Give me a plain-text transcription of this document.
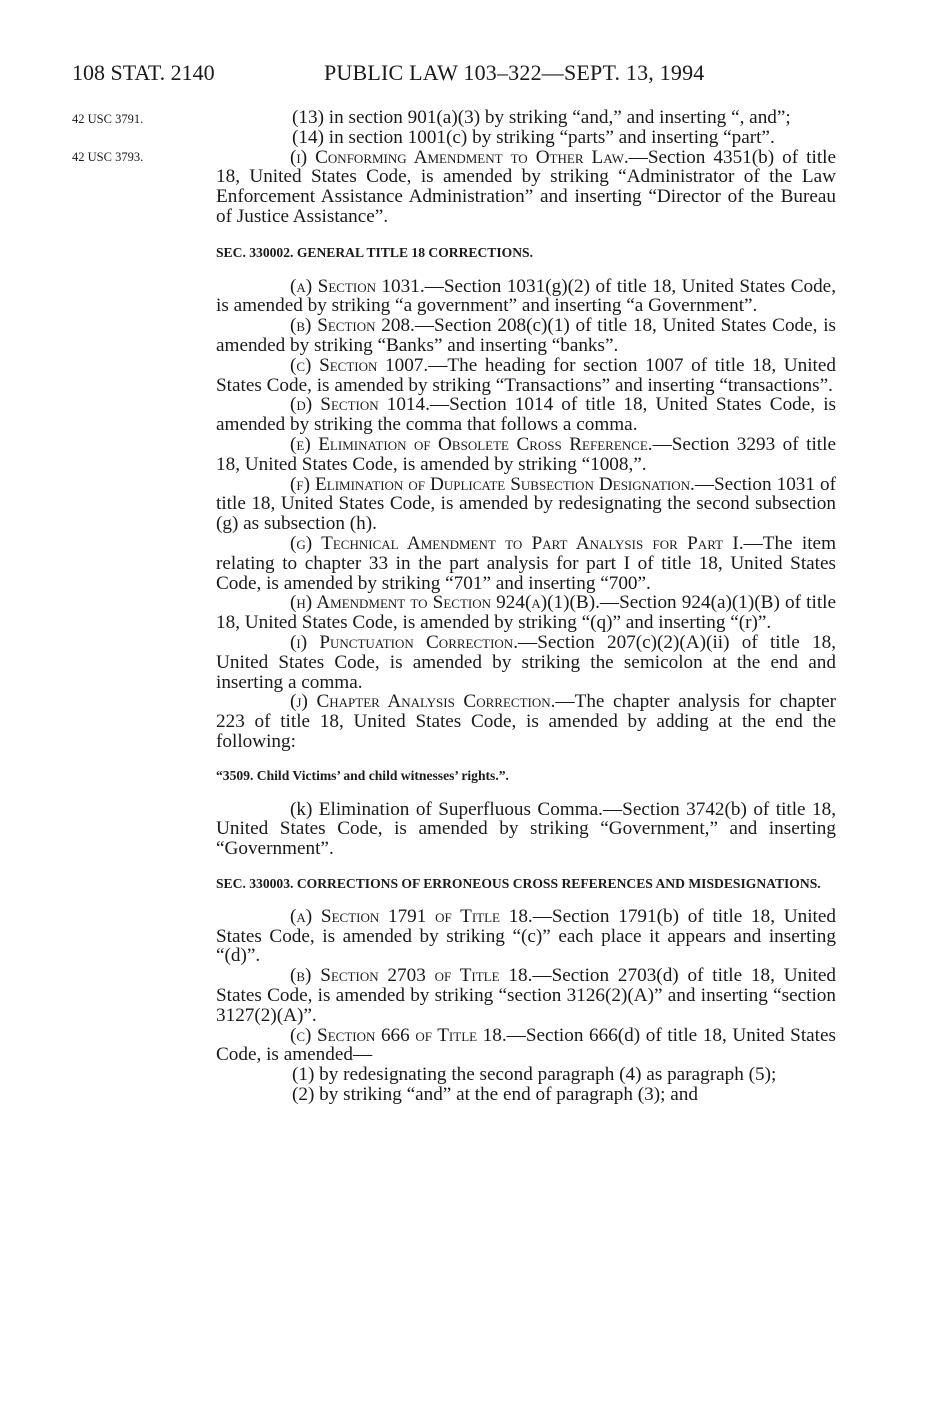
108 STAT. 2140	PUBLIC LAW 103–322—SEPT. 13, 1994
42 USC 3791.
42 USC 3793.

(13) in section 901(a)(3) by striking “and,” and inserting “, and”;

(14) in section 1001(c) by striking “parts” and inserting “part”.

(i) Conforming Amendment to Other Law.—Section 4351(b) of title 18, United States Code, is amended by striking “Administrator of the Law Enforcement Assistance Administration” and inserting “Director of the Bureau of Justice Assistance”.

SEC. 330002. GENERAL TITLE 18 CORRECTIONS.

(a) Section 1031.—Section 1031(g)(2) of title 18, United States Code, is amended by striking “a government” and inserting “a Government”.

(b) Section 208.—Section 208(c)(1) of title 18, United States Code, is amended by striking “Banks” and inserting “banks”.

(c) Section 1007.—The heading for section 1007 of title 18, United States Code, is amended by striking “Transactions” and inserting “transactions”.

(d) Section 1014.—Section 1014 of title 18, United States Code, is amended by striking the comma that follows a comma.

(e) Elimination of Obsolete Cross Reference.—Section 3293 of title 18, United States Code, is amended by striking “1008,”.

(f) Elimination of Duplicate Subsection Designation.—Section 1031 of title 18, United States Code, is amended by redesignating the second subsection (g) as subsection (h).

(g) Technical Amendment to Part Analysis for Part I.—The item relating to chapter 33 in the part analysis for part I of title 18, United States Code, is amended by striking “701” and inserting “700”.

(h) Amendment to Section 924(a)(1)(B).—Section 924(a)(1)(B) of title 18, United States Code, is amended by striking “(q)” and inserting “(r)”.

(i) Punctuation Correction.—Section 207(c)(2)(A)(ii) of title 18, United States Code, is amended by striking the semicolon at the end and inserting a comma.

(j) Chapter Analysis Correction.—The chapter analysis for chapter 223 of title 18, United States Code, is amended by adding at the end the following:

“3509. Child Victims’ and child witnesses’ rights.”.

(k) Elimination of Superfluous Comma.—Section 3742(b) of title 18, United States Code, is amended by striking “Government,” and inserting “Government”.

SEC. 330003. CORRECTIONS OF ERRONEOUS CROSS REFERENCES AND MISDESIGNATIONS.

(a) Section 1791 of Title 18.—Section 1791(b) of title 18, United States Code, is amended by striking “(c)” each place it appears and inserting “(d)”.

(b) Section 2703 of Title 18.—Section 2703(d) of title 18, United States Code, is amended by striking “section 3126(2)(A)” and inserting “section 3127(2)(A)”.

(c) Section 666 of Title 18.—Section 666(d) of title 18, United States Code, is amended—

(1) by redesignating the second paragraph (4) as paragraph (5);

(2) by striking “and” at the end of paragraph (3); and
